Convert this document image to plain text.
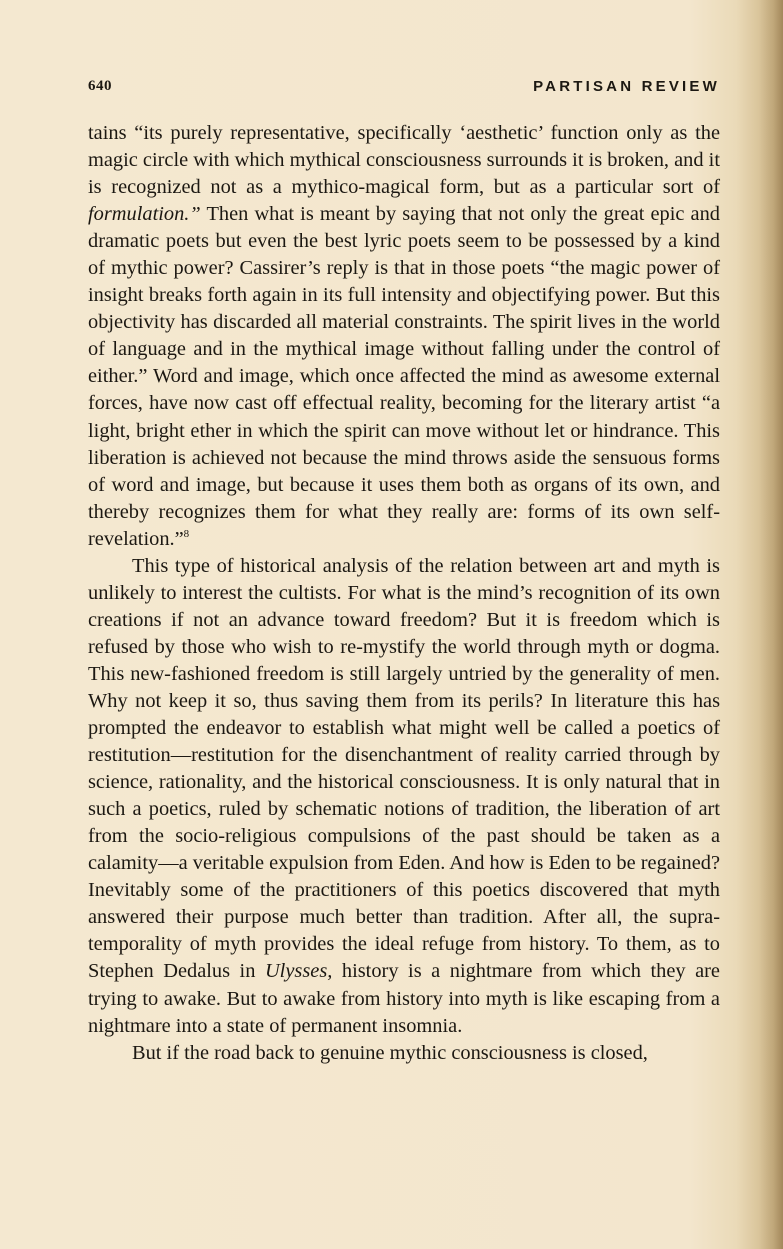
640	PARTISAN REVIEW

tains “its purely representative, specifically ‘aesthetic’ function only as the magic circle with which mythical consciousness surrounds it is broken, and it is recognized not as a mythico-magical form, but as a particular sort of formulation.” Then what is meant by saying that not only the great epic and dramatic poets but even the best lyric poets seem to be possessed by a kind of mythic power? Cassirer’s reply is that in those poets “the magic power of insight breaks forth again in its full intensity and objectifying power. But this objectivity has discarded all material constraints. The spirit lives in the world of language and in the mythical image without falling under the control of either.” Word and image, which once affected the mind as awesome external forces, have now cast off effectual reality, becoming for the literary artist “a light, bright ether in which the spirit can move without let or hindrance. This liberation is achieved not because the mind throws aside the sensuous forms of word and image, but because it uses them both as organs of its own, and thereby recognizes them for what they really are: forms of its own self-revelation.”$^8$

This type of historical analysis of the relation between art and myth is unlikely to interest the cultists. For what is the mind’s recognition of its own creations if not an advance toward freedom? But it is freedom which is refused by those who wish to re-mystify the world through myth or dogma. This new-fashioned freedom is still largely untried by the generality of men. Why not keep it so, thus saving them from its perils? In literature this has prompted the endeavor to establish what might well be called a poetics of restitution—restitution for the disenchantment of reality carried through by science, rationality, and the historical consciousness. It is only natural that in such a poetics, ruled by schematic notions of tradition, the liberation of art from the socio-religious compulsions of the past should be taken as a calamity—a veritable expulsion from Eden. And how is Eden to be regained? Inevitably some of the practitioners of this poetics discovered that myth answered their purpose much better than tradition. After all, the supra-temporality of myth provides the ideal refuge from history. To them, as to Stephen Dedalus in Ulysses, history is a nightmare from which they are trying to awake. But to awake from history into myth is like escaping from a nightmare into a state of permanent insomnia.

But if the road back to genuine mythic consciousness is closed,
